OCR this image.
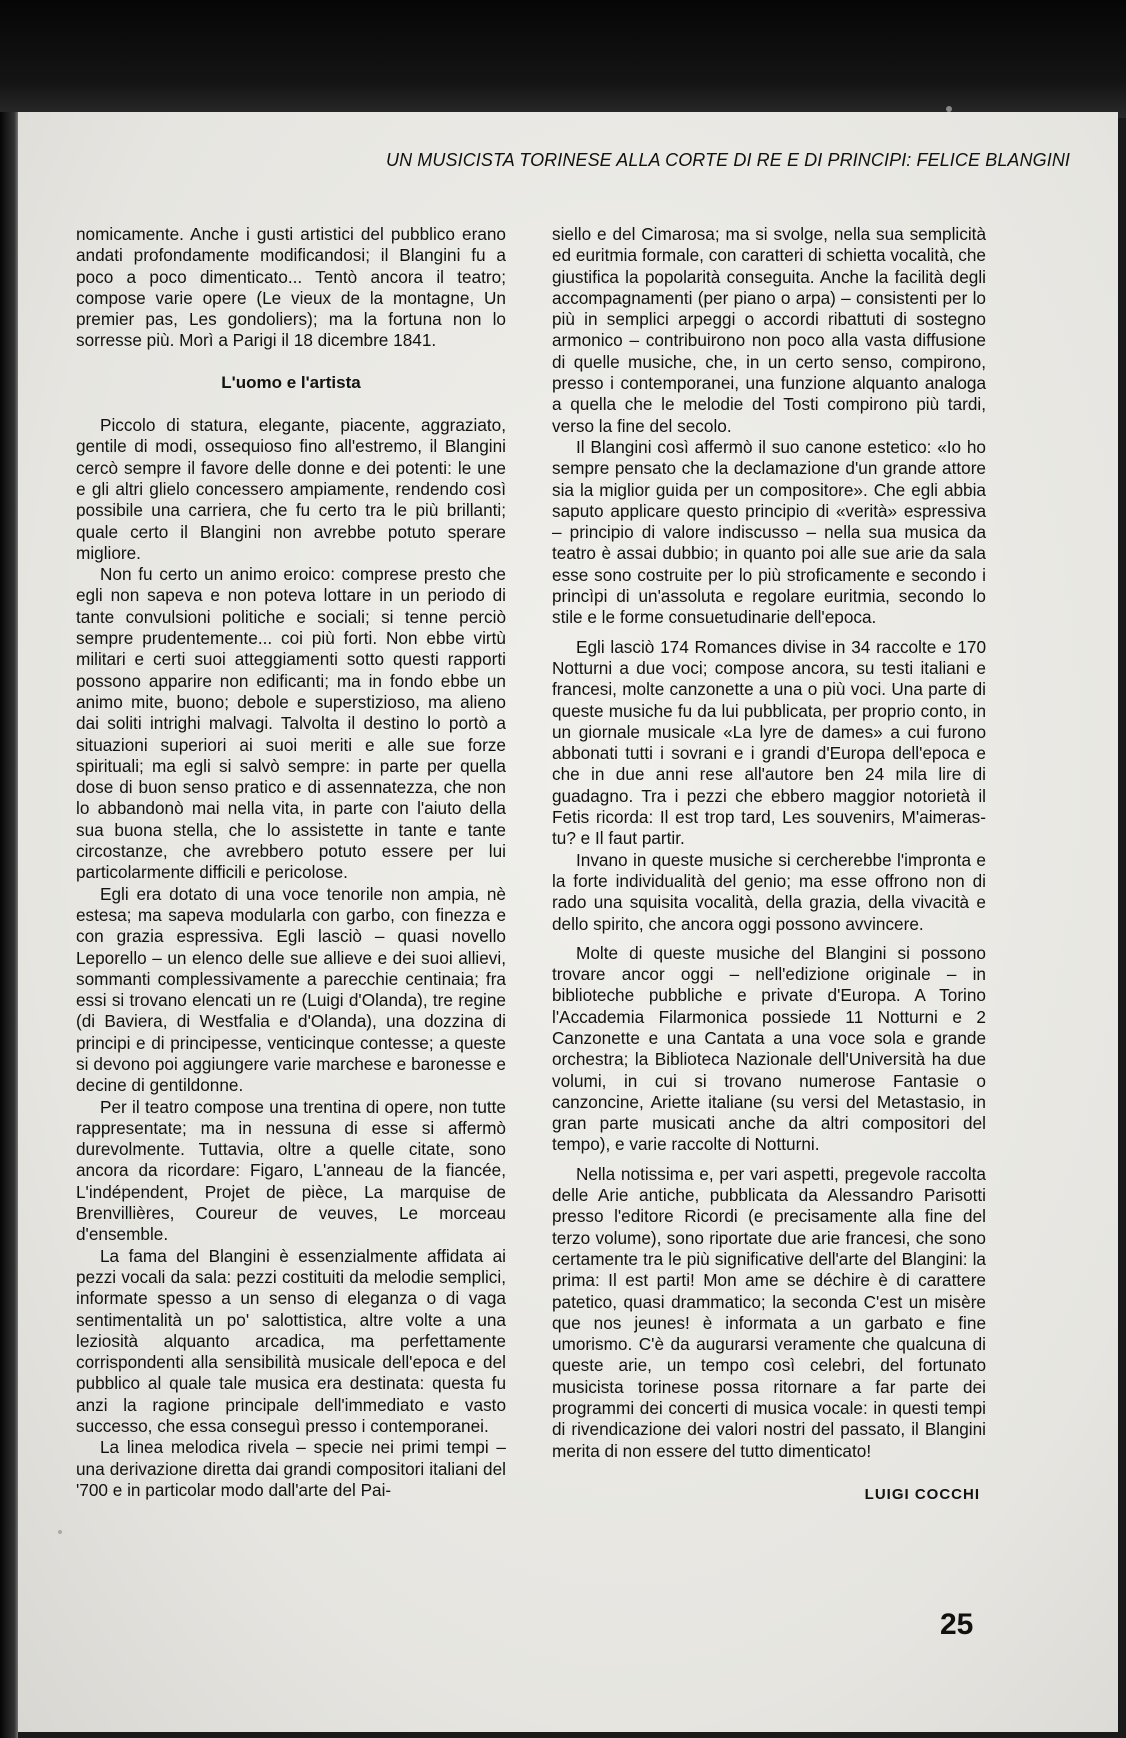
UN MUSICISTA TORINESE ALLA CORTE DI RE E DI PRINCIPI: FELICE BLANGINI

nomicamente. Anche i gusti artistici del pubblico erano andati profondamente modificandosi; il Blangini fu a poco a poco dimenticato... Tentò ancora il teatro; compose varie opere (Le vieux de la montagne, Un premier pas, Les gondoliers); ma la fortuna non lo sorresse più. Morì a Parigi il 18 dicembre 1841.

L'uomo e l'artista

Piccolo di statura, elegante, piacente, aggraziato, gentile di modi, ossequioso fino all'estremo, il Blangini cercò sempre il favore delle donne e dei potenti: le une e gli altri glielo concessero ampiamente, rendendo così possibile una carriera, che fu certo tra le più brillanti; quale certo il Blangini non avrebbe potuto sperare migliore.

Non fu certo un animo eroico: comprese presto che egli non sapeva e non poteva lottare in un periodo di tante convulsioni politiche e sociali; si tenne perciò sempre prudentemente... coi più forti. Non ebbe virtù militari e certi suoi atteggiamenti sotto questi rapporti possono apparire non edificanti; ma in fondo ebbe un animo mite, buono; debole e superstizioso, ma alieno dai soliti intrighi malvagi. Talvolta il destino lo portò a situazioni superiori ai suoi meriti e alle sue forze spirituali; ma egli si salvò sempre: in parte per quella dose di buon senso pratico e di assennatezza, che non lo abbandonò mai nella vita, in parte con l'aiuto della sua buona stella, che lo assistette in tante e tante circostanze, che avrebbero potuto essere per lui particolarmente difficili e pericolose.

Egli era dotato di una voce tenorile non ampia, nè estesa; ma sapeva modularla con garbo, con finezza e con grazia espressiva. Egli lasciò – quasi novello Leporello – un elenco delle sue allieve e dei suoi allievi, sommanti complessivamente a parecchie centinaia; fra essi si trovano elencati un re (Luigi d'Olanda), tre regine (di Baviera, di Westfalia e d'Olanda), una dozzina di principi e di principesse, venticinque contesse; a queste si devono poi aggiungere varie marchese e baronesse e decine di gentildonne.

Per il teatro compose una trentina di opere, non tutte rappresentate; ma in nessuna di esse si affermò durevolmente. Tuttavia, oltre a quelle citate, sono ancora da ricordare: Figaro, L'anneau de la fiancée, L'indépendent, Projet de pièce, La marquise de Brenvillières, Coureur de veuves, Le morceau d'ensemble.

La fama del Blangini è essenzialmente affidata ai pezzi vocali da sala: pezzi costituiti da melodie semplici, informate spesso a un senso di eleganza o di vaga sentimentalità un po' salottistica, altre volte a una leziosità alquanto arcadica, ma perfettamente corrispondenti alla sensibilità musicale dell'epoca e del pubblico al quale tale musica era destinata: questa fu anzi la ragione principale dell'immediato e vasto successo, che essa conseguì presso i contemporanei.

La linea melodica rivela – specie nei primi tempi – una derivazione diretta dai grandi compositori italiani del '700 e in particolar modo dall'arte del Pai-

siello e del Cimarosa; ma si svolge, nella sua semplicità ed euritmia formale, con caratteri di schietta vocalità, che giustifica la popolarità conseguita. Anche la facilità degli accompagnamenti (per piano o arpa) – consistenti per lo più in semplici arpeggi o accordi ribattuti di sostegno armonico – contribuirono non poco alla vasta diffusione di quelle musiche, che, in un certo senso, compirono, presso i contemporanei, una funzione alquanto analoga a quella che le melodie del Tosti compirono più tardi, verso la fine del secolo.

Il Blangini così affermò il suo canone estetico: «Io ho sempre pensato che la declamazione d'un grande attore sia la miglior guida per un compositore». Che egli abbia saputo applicare questo principio di «verità» espressiva – principio di valore indiscusso – nella sua musica da teatro è assai dubbio; in quanto poi alle sue arie da sala esse sono costruite per lo più stroficamente e secondo i princìpi di un'assoluta e regolare euritmia, secondo lo stile e le forme consuetudinarie dell'epoca.

Egli lasciò 174 Romances divise in 34 raccolte e 170 Notturni a due voci; compose ancora, su testi italiani e francesi, molte canzonette a una o più voci. Una parte di queste musiche fu da lui pubblicata, per proprio conto, in un giornale musicale «La lyre de dames» a cui furono abbonati tutti i sovrani e i grandi d'Europa dell'epoca e che in due anni rese all'autore ben 24 mila lire di guadagno. Tra i pezzi che ebbero maggior notorietà il Fetis ricorda: Il est trop tard, Les souvenirs, M'aimeras-tu? e Il faut partir.

Invano in queste musiche si cercherebbe l'impronta e la forte individualità del genio; ma esse offrono non di rado una squisita vocalità, della grazia, della vivacità e dello spirito, che ancora oggi possono avvincere.

Molte di queste musiche del Blangini si possono trovare ancor oggi – nell'edizione originale – in biblioteche pubbliche e private d'Europa. A Torino l'Accademia Filarmonica possiede 11 Notturni e 2 Canzonette e una Cantata a una voce sola e grande orchestra; la Biblioteca Nazionale dell'Università ha due volumi, in cui si trovano numerose Fantasie o canzoncine, Ariette italiane (su versi del Metastasio, in gran parte musicati anche da altri compositori del tempo), e varie raccolte di Notturni.

Nella notissima e, per vari aspetti, pregevole raccolta delle Arie antiche, pubblicata da Alessandro Parisotti presso l'editore Ricordi (e precisamente alla fine del terzo volume), sono riportate due arie francesi, che sono certamente tra le più significative dell'arte del Blangini: la prima: Il est parti! Mon ame se déchire è di carattere patetico, quasi drammatico; la seconda C'est un misère que nos jeunes! è informata a un garbato e fine umorismo. C'è da augurarsi veramente che qualcuna di queste arie, un tempo così celebri, del fortunato musicista torinese possa ritornare a far parte dei programmi dei concerti di musica vocale: in questi tempi di rivendicazione dei valori nostri del passato, il Blangini merita di non essere del tutto dimenticato!

LUIGI COCCHI
25
